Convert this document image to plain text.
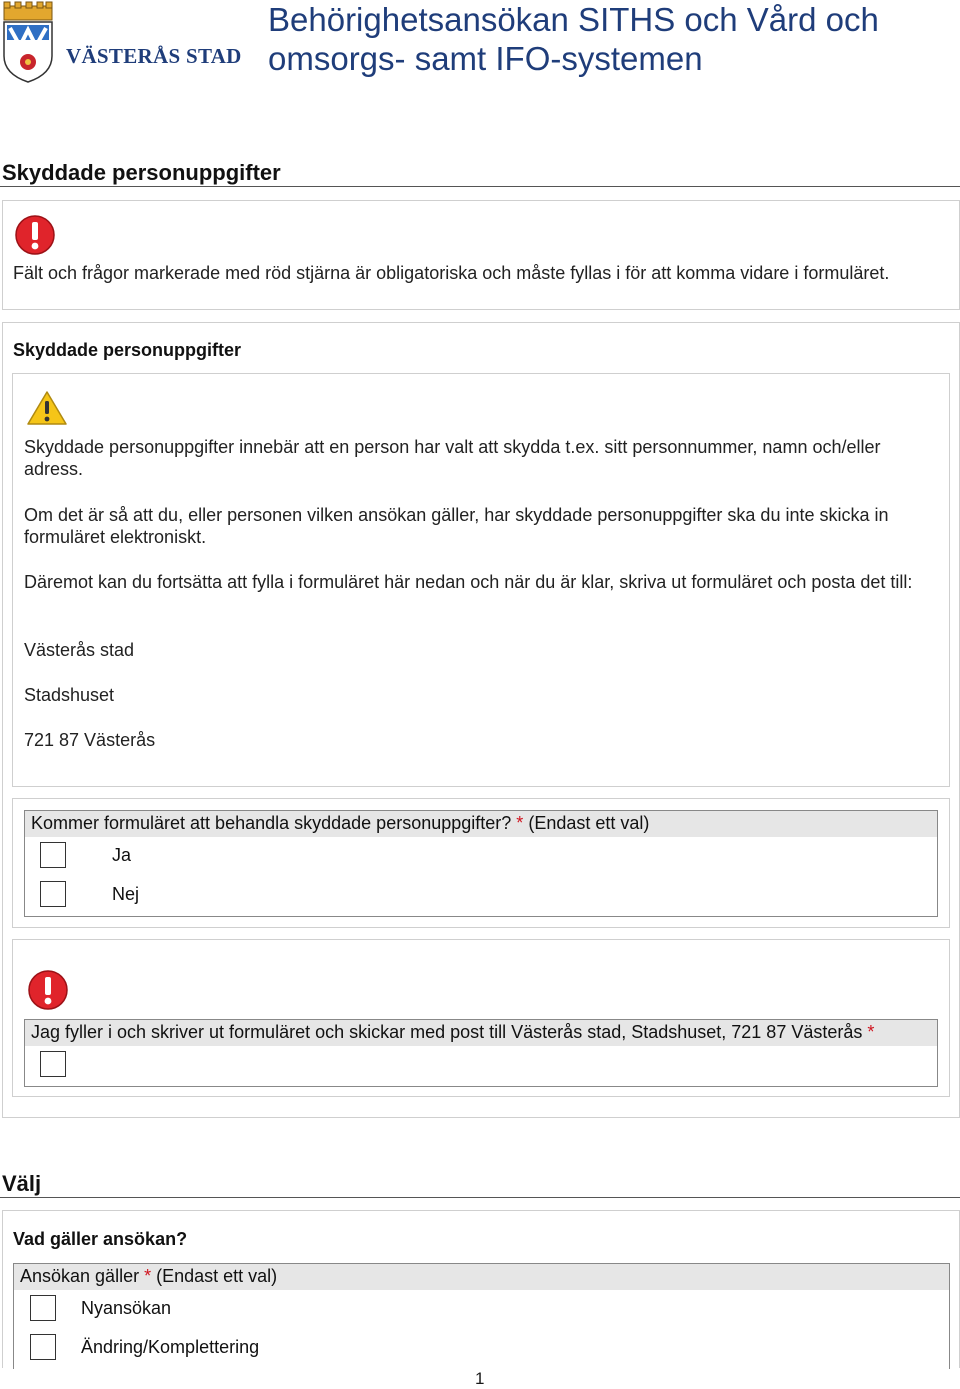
VÄSTERÅS STAD
Behörighetsansökan SITHS och Vård och omsorgs- samt IFO-systemen
Skyddade personuppgifter
Fält och frågor markerade med röd stjärna är obligatoriska och måste fyllas i för att komma vidare i formuläret.
Skyddade personuppgifter
Skyddade personuppgifter innebär att en person har valt att skydda t.ex. sitt personnummer, namn och/eller adress.
Om det är så att du, eller personen vilken ansökan gäller, har skyddade personuppgifter ska du inte skicka in formuläret elektroniskt.
Däremot kan du fortsätta att fylla i formuläret här nedan och när du är klar, skriva ut formuläret och posta det till:
Västerås stad
Stadshuset
721 87 Västerås
Kommer formuläret att behandla skyddade personuppgifter? * (Endast ett val)
Ja
Nej
Jag fyller i och skriver ut formuläret och skickar med post till Västerås stad, Stadshuset, 721 87 Västerås *
Välj
Vad gäller ansökan?
Ansökan gäller * (Endast ett val)
Nyansökan
Ändring/Komplettering
1
